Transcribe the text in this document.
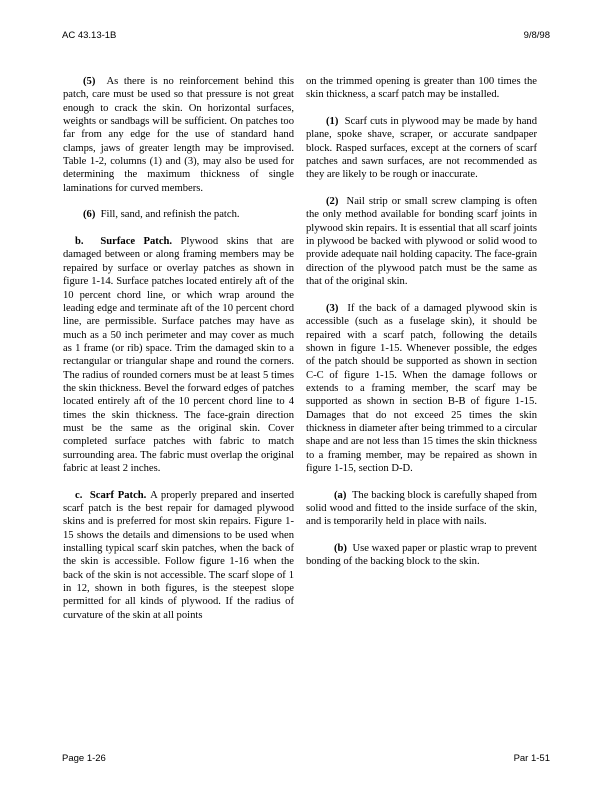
AC 43.13-1B	9/8/98

(5) As there is no reinforcement behind this patch, care must be used so that pressure is not great enough to crack the skin. On horizontal surfaces, weights or sandbags will be sufficient. On patches too far from any edge for the use of standard hand clamps, jaws of greater length may be improvised. Table 1-2, columns (1) and (3), may also be used for determining the maximum thickness of single laminations for curved members.

(6) Fill, sand, and refinish the patch.

b. Surface Patch. Plywood skins that are damaged between or along framing members may be repaired by surface or overlay patches as shown in figure 1-14. Surface patches located entirely aft of the 10 percent chord line, or which wrap around the leading edge and terminate aft of the 10 percent chord line, are permissible. Surface patches may have as much as a 50 inch perimeter and may cover as much as 1 frame (or rib) space. Trim the damaged skin to a rectangular or triangular shape and round the corners. The radius of rounded corners must be at least 5 times the skin thickness. Bevel the forward edges of patches located entirely aft of the 10 percent chord line to 4 times the skin thickness. The face-grain direction must be the same as the original skin. Cover completed surface patches with fabric to match surrounding area. The fabric must overlap the original fabric at least 2 inches.

c. Scarf Patch. A properly prepared and inserted scarf patch is the best repair for damaged plywood skins and is preferred for most skin repairs. Figure 1-15 shows the details and dimensions to be used when installing typical scarf skin patches, when the back of the skin is accessible. Follow figure 1-16 when the back of the skin is not accessible. The scarf slope of 1 in 12, shown in both figures, is the steepest slope permitted for all kinds of plywood. If the radius of curvature of the skin at all points

on the trimmed opening is greater than 100 times the skin thickness, a scarf patch may be installed.

(1) Scarf cuts in plywood may be made by hand plane, spoke shave, scraper, or accurate sandpaper block. Rasped surfaces, except at the corners of scarf patches and sawn surfaces, are not recommended as they are likely to be rough or inaccurate.

(2) Nail strip or small screw clamping is often the only method available for bonding scarf joints in plywood skin repairs. It is essential that all scarf joints in plywood be backed with plywood or solid wood to provide adequate nail holding capacity. The face-grain direction of the plywood patch must be the same as that of the original skin.

(3) If the back of a damaged plywood skin is accessible (such as a fuselage skin), it should be repaired with a scarf patch, following the details shown in figure 1-15. Whenever possible, the edges of the patch should be supported as shown in section C-C of figure 1-15. When the damage follows or extends to a framing member, the scarf may be supported as shown in section B-B of figure 1-15. Damages that do not exceed 25 times the skin thickness in diameter after being trimmed to a circular shape and are not less than 15 times the skin thickness to a framing member, may be repaired as shown in figure 1-15, section D-D.

(a) The backing block is carefully shaped from solid wood and fitted to the inside surface of the skin, and is temporarily held in place with nails.

(b) Use waxed paper or plastic wrap to prevent bonding of the backing block to the skin.

Page 1-26	Par 1-51
